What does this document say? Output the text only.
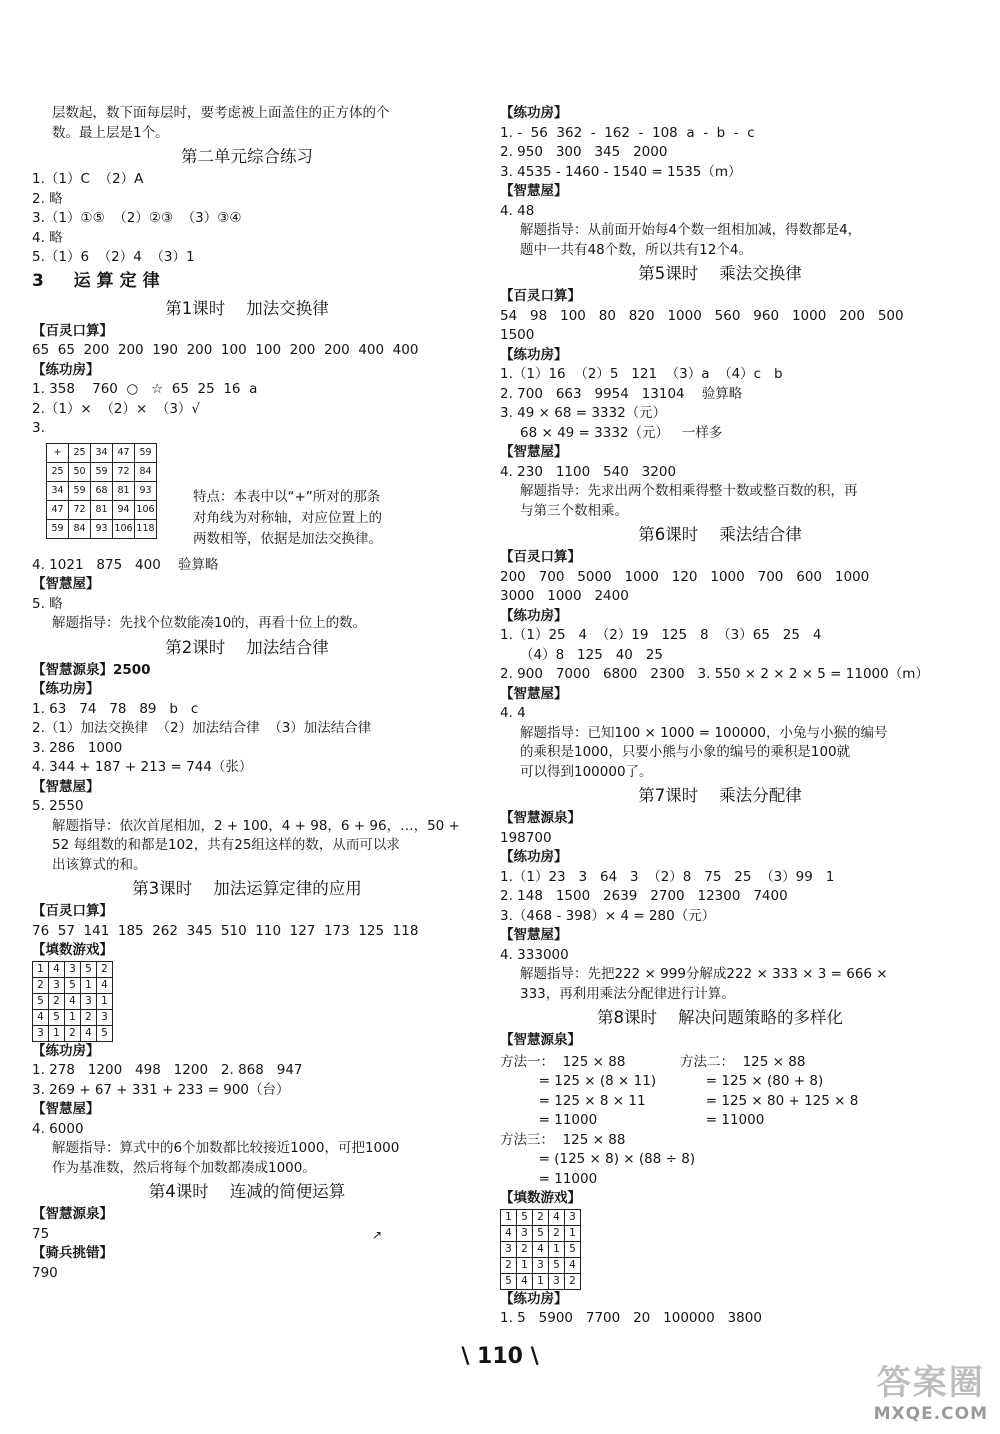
层数起，数下面每层时，要考虑被上面盖住的正方体的个

数。最上层是1个。

第二单元综合练习

1.（1）C  （2）A

2. 略

3.（1）①⑤  （2）②③  （3）③④

4. 略

5.（1）6  （2）4  （3）1

3  运算定律
第1课时    加法交换律

【百灵口算】

65  65  200  200  190  200  100  100  200  200  400  400

【练功房】

1. 358    760  ○   ☆  65  25  16  a

2.（1）×  （2）×  （3）√

3.

+	25	34	47	59
25	50	59	72	84
34	59	68	81	93
47	72	81	94	106
59	84	93	106	118

特点：本表中以“+”所对的那条

对角线为对称轴，对应位置上的

两数相等，依据是加法交换律。

4. 1021   875   400    验算略

【智慧屋】

5. 略

解题指导：先找个位数能凑10的，再看十位上的数。

第2课时    加法结合律

【智慧源泉】2500

【练功房】

1. 63   74   78   89   b   c

2.（1）加法交换律  （2）加法结合律  （3）加法结合律

3. 286   1000

4. 344 + 187 + 213 = 744（张）

【智慧屋】

5. 2550

解题指导：依次首尾相加，2 + 100，4 + 98，6 + 96，…，50 +

52 每组数的和都是102，共有25组这样的数，从而可以求

出该算式的和。

第3课时    加法运算定律的应用

【百灵口算】

76  57  141  185  262  345  510  110  127  173  125  118

【填数游戏】

1	4	3	5	2
2	3	5	1	4
5	2	4	3	1
4	5	1	2	3
3	1	2	4	5

【练功房】

1. 278   1200   498   1200   2. 868   947

3. 269 + 67 + 331 + 233 = 900（台）

【智慧屋】

4. 6000

解题指导：算式中的6个加数都比较接近1000，可把1000

作为基准数，然后将每个加数都凑成1000。

第4课时    连减的简便运算

【智慧源泉】

75

【骑兵挑错】

790

【练功房】

1. -  56  362  -  162  -  108  a  -  b  -  c

2. 950   300   345   2000

3. 4535 - 1460 - 1540 = 1535（m）

【智慧屋】

4. 48

解题指导：从前面开始每4个数一组相加减，得数都是4，

题中一共有48个数，所以共有12个4。

第5课时    乘法交换律

【百灵口算】

54   98   100   80   820   1000   560   960   1000   200   500

1500

【练功房】

1.（1）16  （2）5   121  （3）a  （4）c   b

2. 700   663   9954   13104    验算略

3. 49 × 68 = 3332（元）

68 × 49 = 3332（元）   一样多

【智慧屋】

4. 230   1100   540   3200

解题指导：先求出两个数相乘得整十数或整百数的积，再

与第三个数相乘。

第6课时    乘法结合律

【百灵口算】

200   700   5000   1000   120   1000   700   600   1000

3000   1000   2400

【练功房】

1.（1）25   4  （2）19   125   8  （3）65   25   4

（4）8   125   40   25

2. 900   7000   6800   2300   3. 550 × 2 × 2 × 5 = 11000（m）

【智慧屋】

4. 4

解题指导：已知100 × 1000 = 100000，小兔与小猴的编号

的乘积是1000，只要小熊与小象的编号的乘积是100就

可以得到100000了。

第7课时    乘法分配律

【智慧源泉】

198700

【练功房】

1.（1）23   3   64   3  （2）8   75   25  （3）99   1

2. 148   1500   2639   2700   12300   7400

3.（468 - 398）× 4 = 280（元）

【智慧屋】

4. 333000

解题指导：先把222 × 999分解成222 × 333 × 3 = 666 ×

333，再利用乘法分配律进行计算。

第8课时    解决问题策略的多样化

【智慧源泉】

方法一：  125 × 88

= 125 × (8 × 11)

= 125 × 8 × 11

= 11000

方法二：  125 × 88

= 125 × (80 + 8)

= 125 × 80 + 125 × 8

= 11000

方法三：  125 × 88

= (125 × 8) × (88 ÷ 8)

= 11000

【填数游戏】

1	5	2	4	3
4	3	5	2	1
3	2	4	1	5
2	1	3	5	4
5	4	1	3	2

【练功房】

1. 5   5900   7700   20   100000   3800

↗
\ 110 \
答案圈
MXQE.COM
